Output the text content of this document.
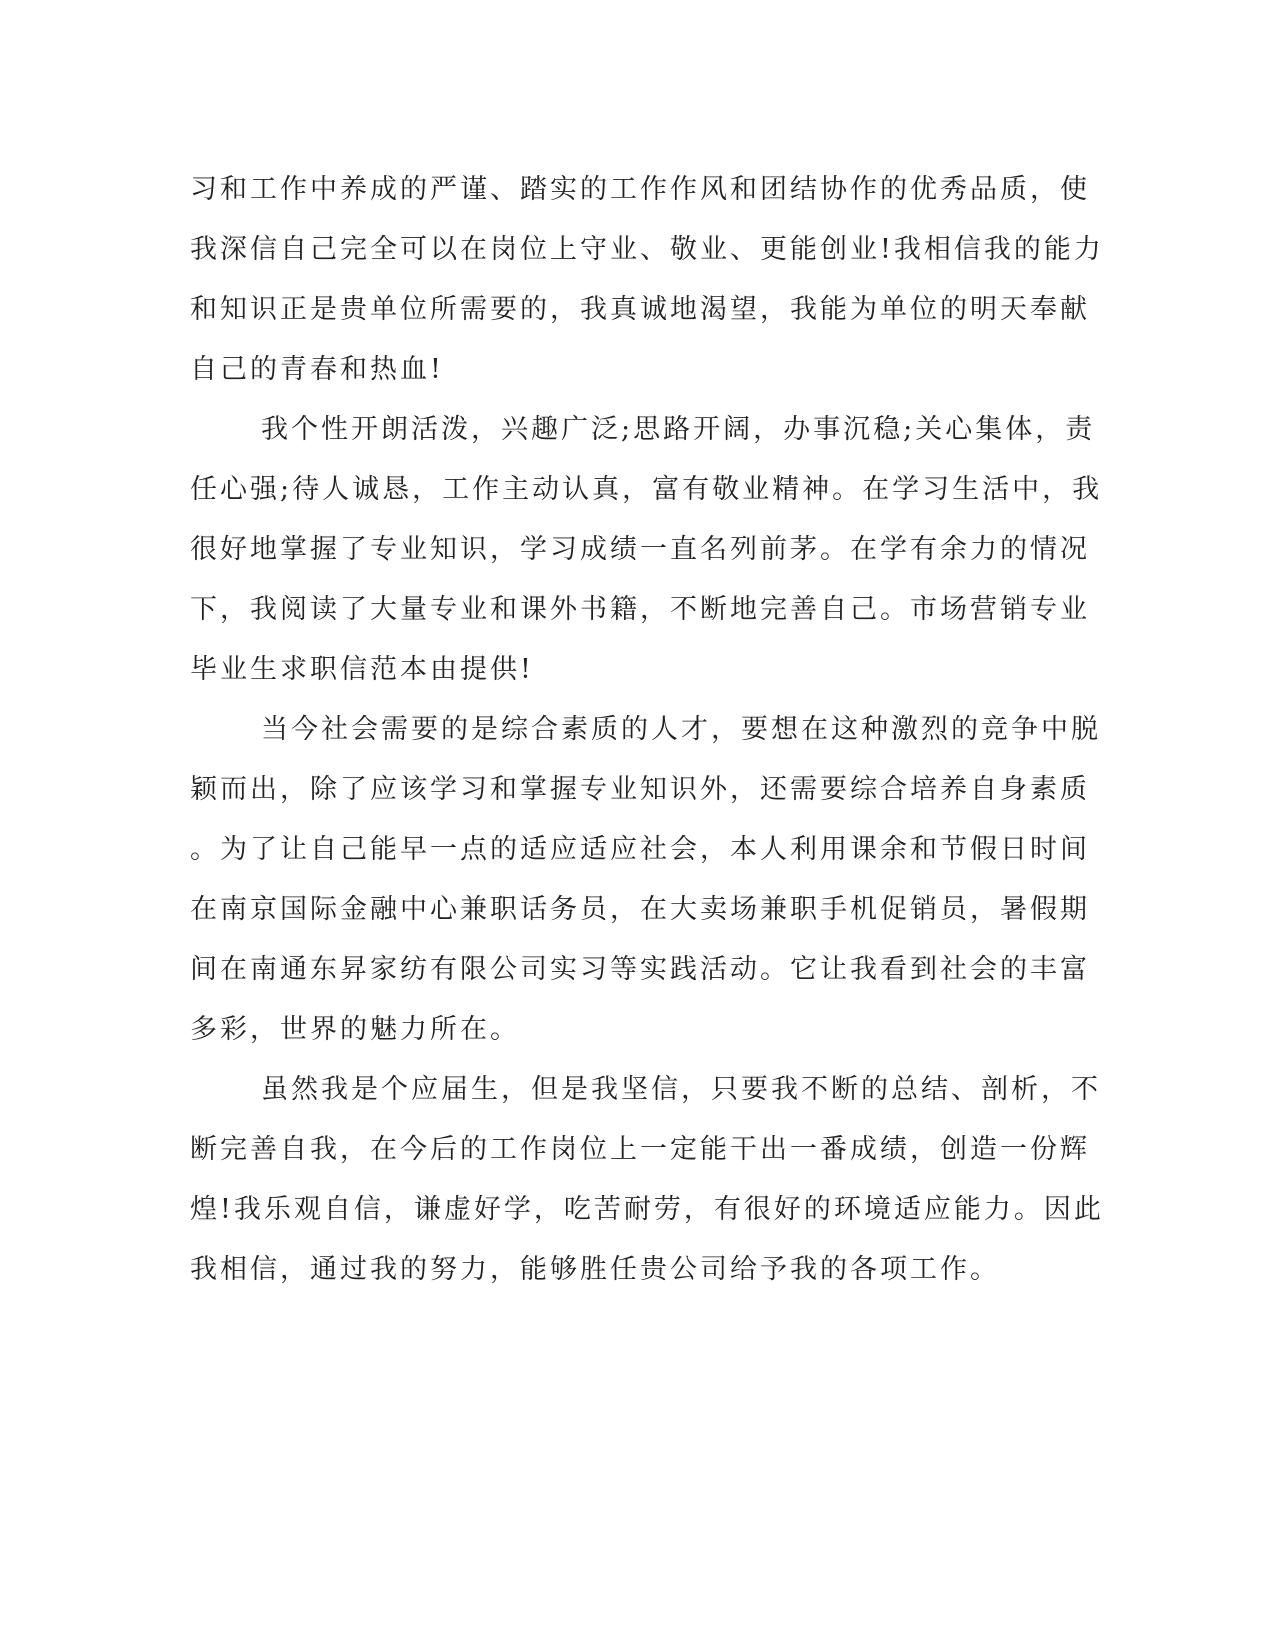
习和工作中养成的严谨、踏实的工作作风和团结协作的优秀品质，使
我深信自己完全可以在岗位上守业、敬业、更能创业!我相信我的能力
和知识正是贵单位所需要的，我真诚地渴望，我能为单位的明天奉献
自己的青春和热血!
我个性开朗活泼，兴趣广泛;思路开阔，办事沉稳;关心集体，责
任心强;待人诚恳，工作主动认真，富有敬业精神。在学习生活中，我
很好地掌握了专业知识，学习成绩一直名列前茅。在学有余力的情况
下，我阅读了大量专业和课外书籍，不断地完善自己。市场营销专业
毕业生求职信范本由提供!
当今社会需要的是综合素质的人才，要想在这种激烈的竞争中脱
颖而出，除了应该学习和掌握专业知识外，还需要综合培养自身素质
。为了让自己能早一点的适应适应社会，本人利用课余和节假日时间
在南京国际金融中心兼职话务员，在大卖场兼职手机促销员，暑假期
间在南通东昇家纺有限公司实习等实践活动。它让我看到社会的丰富
多彩，世界的魅力所在。
虽然我是个应届生，但是我坚信，只要我不断的总结、剖析，不
断完善自我，在今后的工作岗位上一定能干出一番成绩，创造一份辉
煌!我乐观自信，谦虚好学，吃苦耐劳，有很好的环境适应能力。因此
我相信，通过我的努力，能够胜任贵公司给予我的各项工作。
